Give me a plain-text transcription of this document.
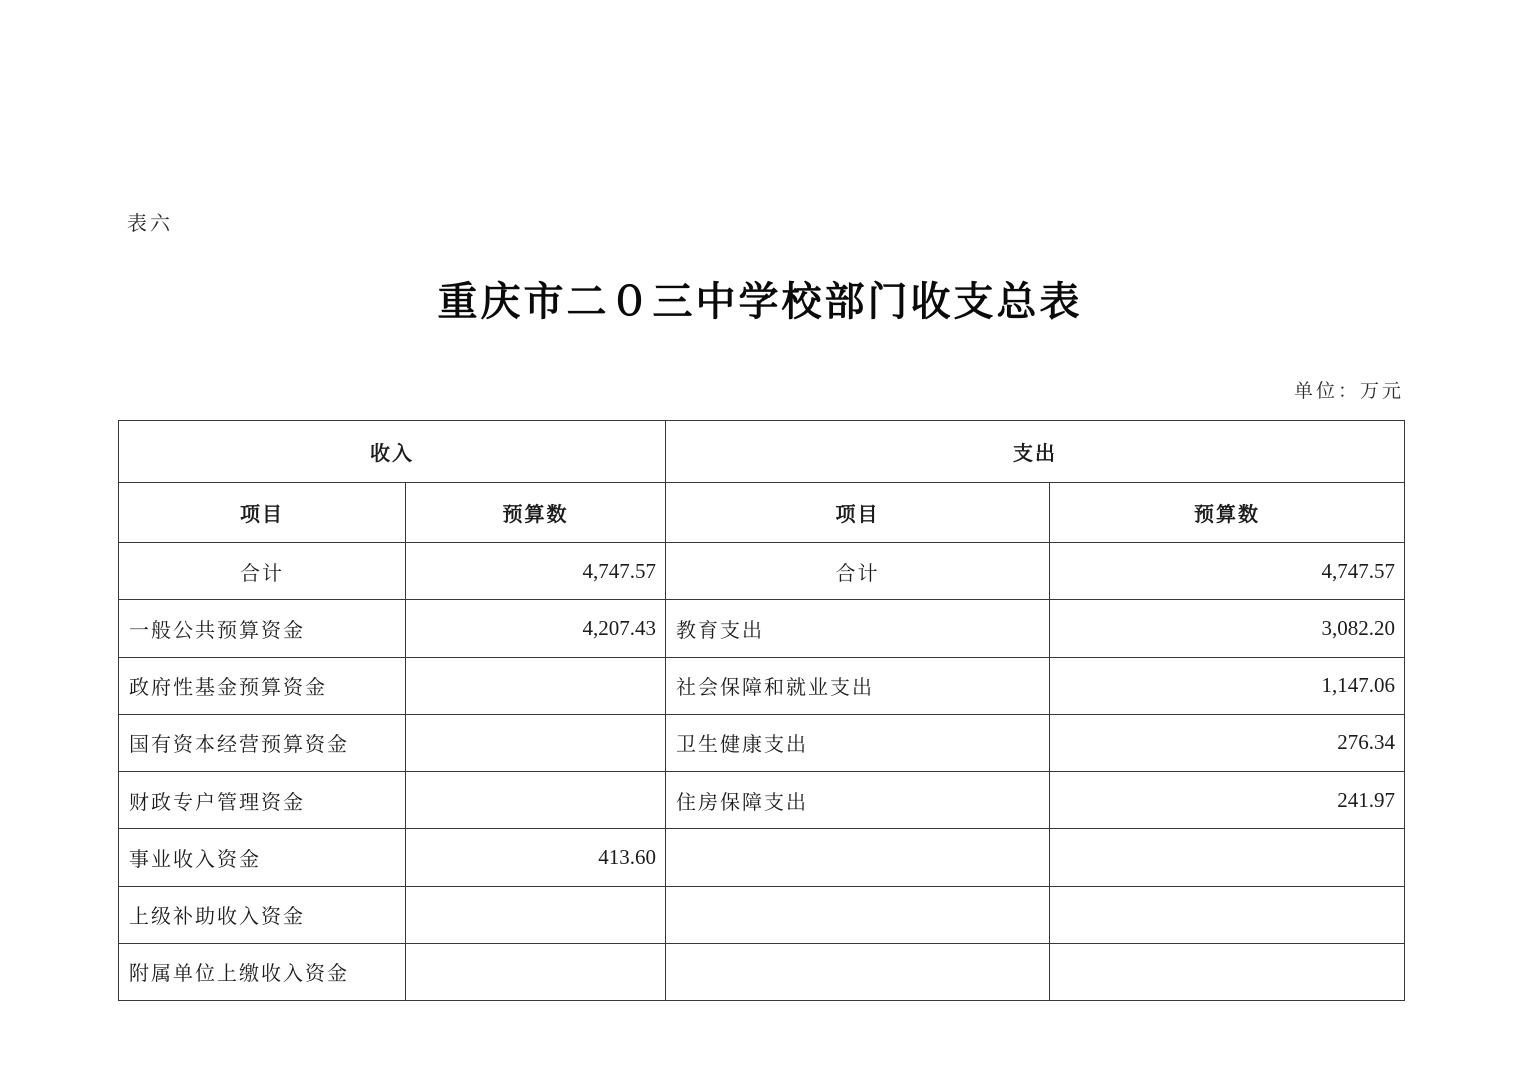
表六
重庆市二０三中学校部门收支总表
单位：万元
收入		支出	
项目	预算数	项目	预算数
合计	4,747.57	合计	4,747.57
一般公共预算资金	4,207.43	教育支出	3,082.20
政府性基金预算资金		社会保障和就业支出	1,147.06
国有资本经营预算资金		卫生健康支出	276.34
财政专户管理资金		住房保障支出	241.97
事业收入资金	413.60		
上级补助收入资金			
附属单位上缴收入资金			
